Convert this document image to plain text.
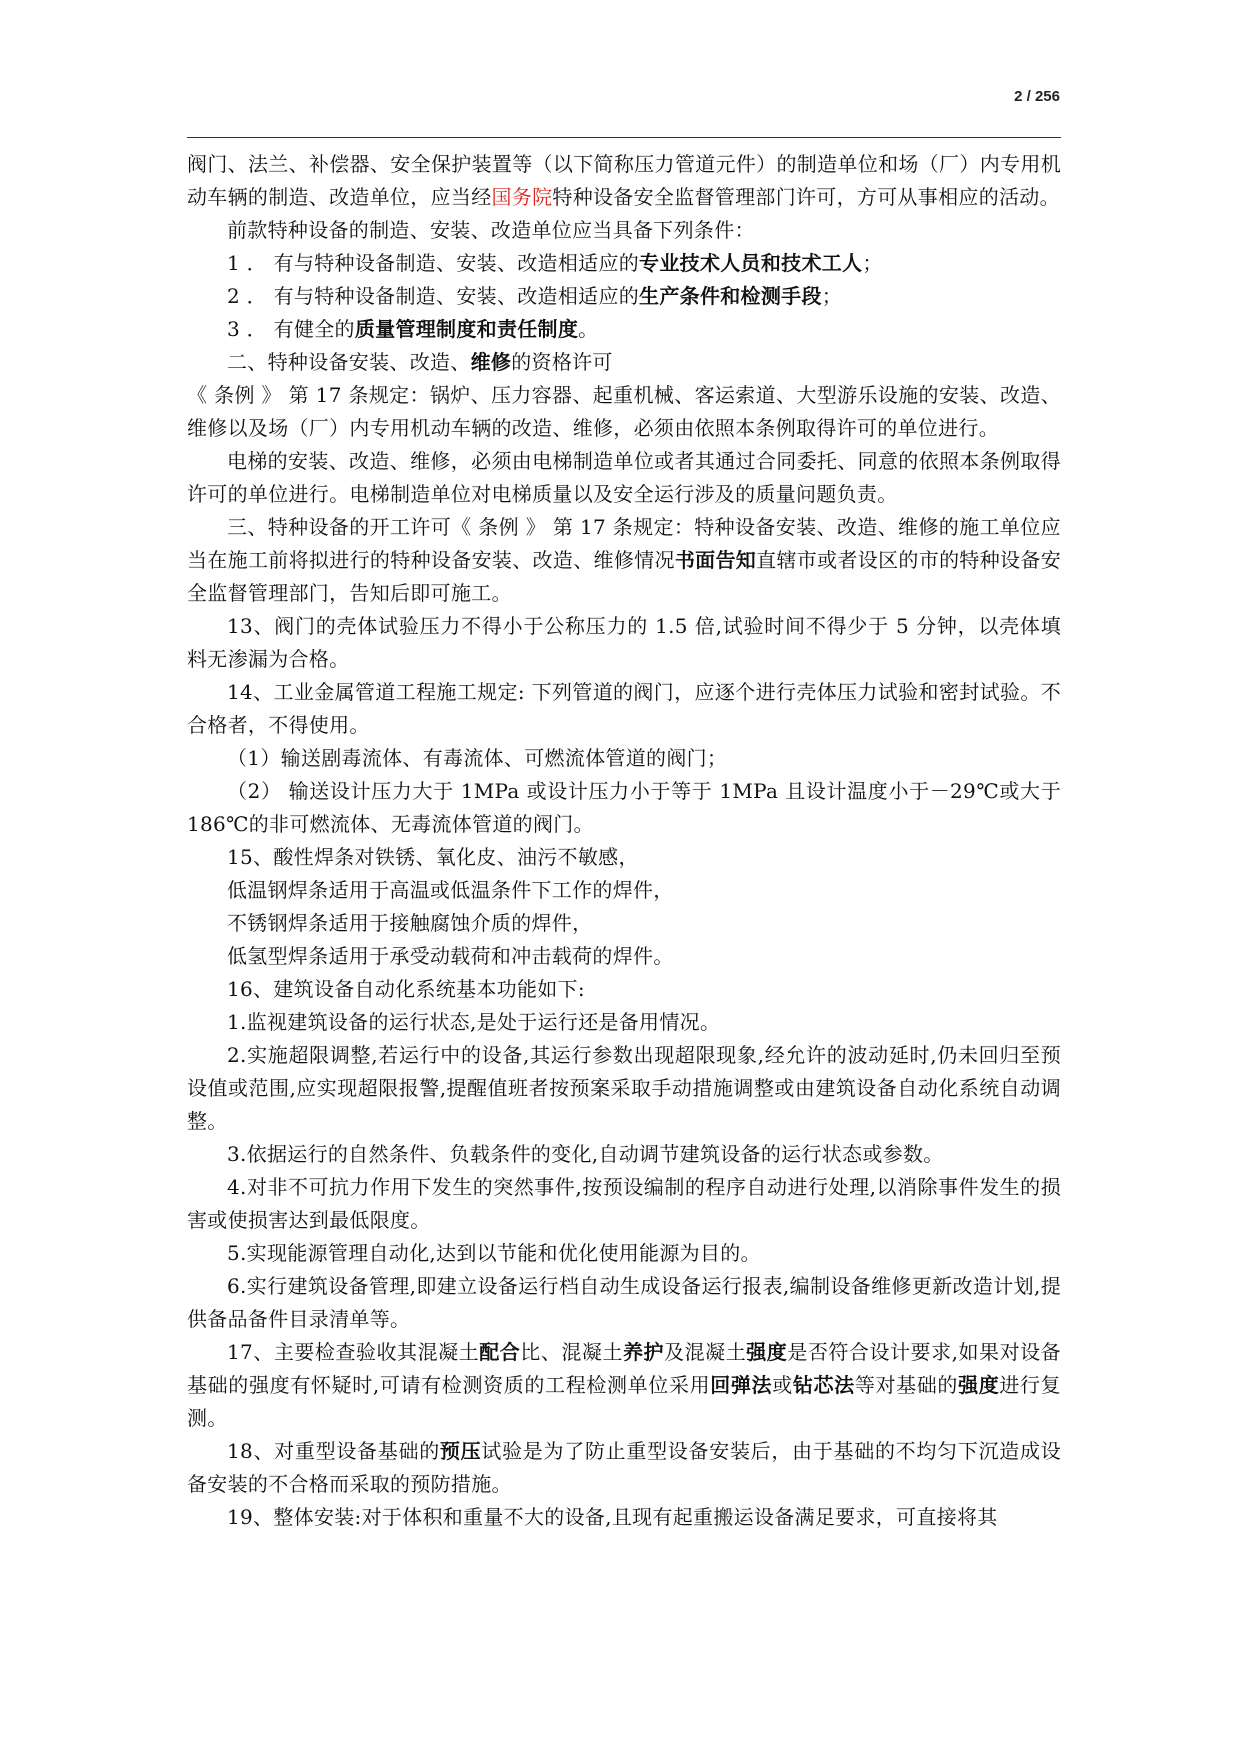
2 / 256

阀门、法兰、补偿器、安全保护装置等（以下简称压力管道元件）的制造单位和场（厂）内专用机动车辆的制造、改造单位，应当经国务院特种设备安全监督管理部门许可，方可从事相应的活动。

前款特种设备的制造、安装、改造单位应当具备下列条件：

1 ． 有与特种设备制造、安装、改造相适应的专业技术人员和技术工人；

2 ． 有与特种设备制造、安装、改造相适应的生产条件和检测手段；

3 ． 有健全的质量管理制度和责任制度。

二、特种设备安装、改造、维修的资格许可

《 条例 》 第 17 条规定：锅炉、压力容器、起重机械、客运索道、大型游乐设施的安装、改造、维修以及场（厂）内专用机动车辆的改造、维修，必须由依照本条例取得许可的单位进行。

电梯的安装、改造、维修，必须由电梯制造单位或者其通过合同委托、同意的依照本条例取得许可的单位进行。电梯制造单位对电梯质量以及安全运行涉及的质量问题负责。

三、特种设备的开工许可《 条例 》 第 17 条规定：特种设备安装、改造、维修的施工单位应当在施工前将拟进行的特种设备安装、改造、维修情况书面告知直辖市或者设区的市的特种设备安全监督管理部门，告知后即可施工。

13、阀门的壳体试验压力不得小于公称压力的 1.5 倍,试验时间不得少于 5 分钟，以壳体填料无渗漏为合格。

14、工业金属管道工程施工规定: 下列管道的阀门，应逐个进行壳体压力试验和密封试验。不合格者，不得使用。

（1）输送剧毒流体、有毒流体、可燃流体管道的阀门；

（2） 输送设计压力大于 1MPa 或设计压力小于等于 1MPa 且设计温度小于－29℃或大于 186℃的非可燃流体、无毒流体管道的阀门。

15、酸性焊条对铁锈、氧化皮、油污不敏感，

低温钢焊条适用于高温或低温条件下工作的焊件，

不锈钢焊条适用于接触腐蚀介质的焊件，

低氢型焊条适用于承受动载荷和冲击载荷的焊件。

16、建筑设备自动化系统基本功能如下:

1.监视建筑设备的运行状态,是处于运行还是备用情况。

2.实施超限调整,若运行中的设备,其运行参数出现超限现象,经允许的波动延时,仍未回归至预设值或范围,应实现超限报警,提醒值班者按预案采取手动措施调整或由建筑设备自动化系统自动调整。

3.依据运行的自然条件、负载条件的变化,自动调节建筑设备的运行状态或参数。

4.对非不可抗力作用下发生的突然事件,按预设编制的程序自动进行处理,以消除事件发生的损害或使损害达到最低限度。

5.实现能源管理自动化,达到以节能和优化使用能源为目的。

6.实行建筑设备管理,即建立设备运行档自动生成设备运行报表,编制设备维修更新改造计划,提供备品备件目录清单等。

17、主要检查验收其混凝土配合比、混凝土养护及混凝土强度是否符合设计要求,如果对设备基础的强度有怀疑时,可请有检测资质的工程检测单位采用回弹法或钻芯法等对基础的强度进行复测。

18、对重型设备基础的预压试验是为了防止重型设备安装后，由于基础的不均匀下沉造成设备安装的不合格而采取的预防措施。

19、整体安装:对于体积和重量不大的设备,且现有起重搬运设备满足要求，可直接将其
